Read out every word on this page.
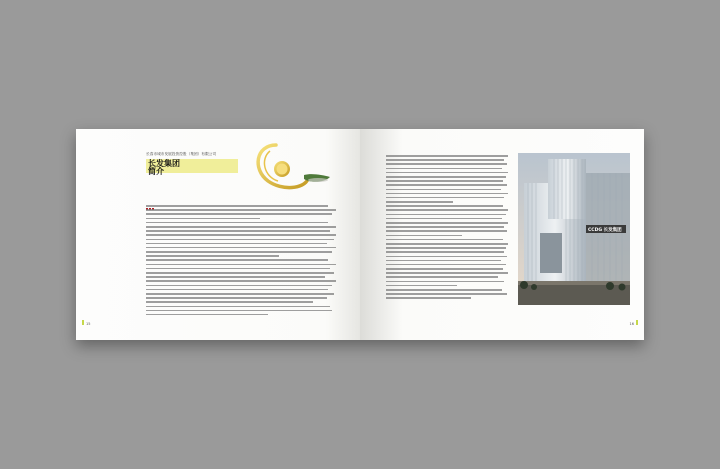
长春市城市发展投资控股（集团）有限公司
长发集团
简介
15
CCDG 长发集团
16
